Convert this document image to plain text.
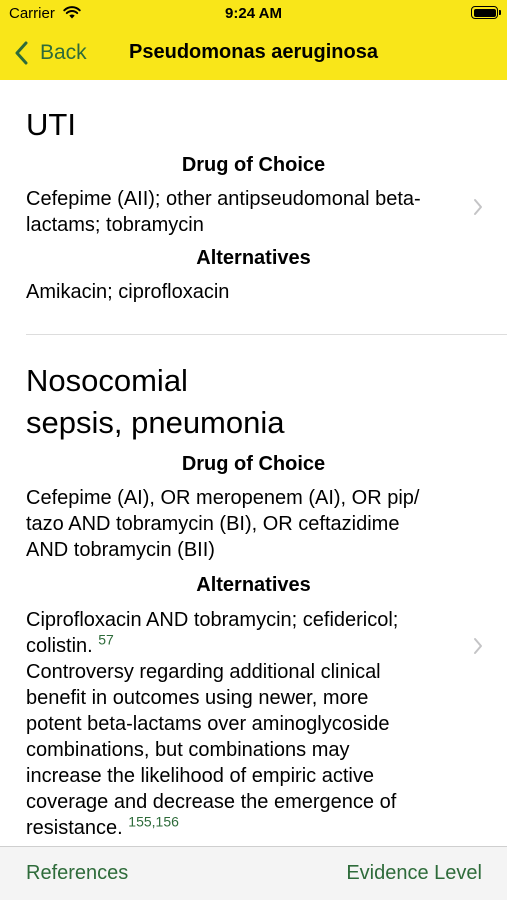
Carrier	9:24 AM
Back	Pseudomonas aeruginosa
UTI
Drug of Choice
Cefepime (AII); other antipseudomonal beta-
lactams; tobramycin
Alternatives
Amikacin; ciprofloxacin
Nosocomial
sepsis, pneumonia
Drug of Choice
Cefepime (AI), OR meropenem (AI), OR pip/
tazo AND tobramycin (BI), OR ceftazidime
AND tobramycin (BII)
Alternatives
Ciprofloxacin AND tobramycin; cefidericol;
colistin. $^{57}$
Controversy regarding additional clinical
benefit in outcomes using newer, more
potent beta-lactams over aminoglycoside
combinations, but combinations may
increase the likelihood of empiric active
coverage and decrease the emergence of
resistance. $^{155,156}$
References	Evidence Level
